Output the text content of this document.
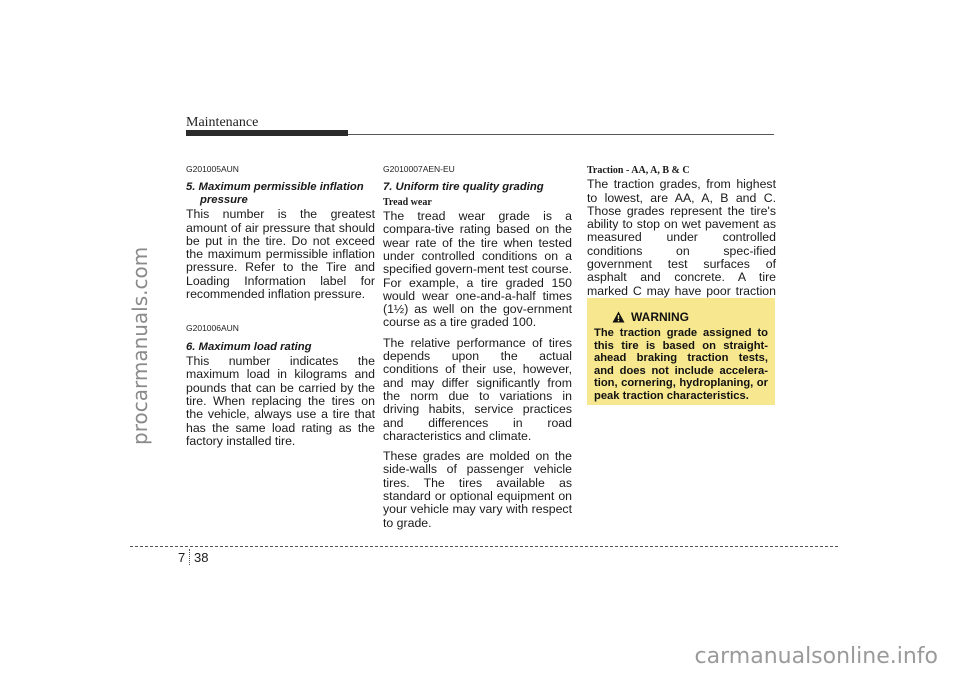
procarmanuals.com
carmanualsonline.info
Maintenance
G201005AUN
5. Maximum permissible inflation
pressure

This number is the greatest amount of air pressure that should be put in the tire. Do not exceed the maximum permissible inflation pressure. Refer to the Tire and Loading Information label for recommended inflation pressure.

G201006AUN
6. Maximum load rating

This number indicates the maximum load in kilograms and pounds that can be carried by the tire. When replacing the tires on the vehicle, always use a tire that has the same load rating as the factory installed tire.

G2010007AEN-EU
7. Uniform tire quality grading
Tread wear

The tread wear grade is a compara-tive rating based on the wear rate of the tire when tested under controlled conditions on a specified govern-ment test course. For example, a tire graded 150 would wear one-and-a-half times (1½) as well on the gov-ernment course as a tire graded 100.

The relative performance of tires depends upon the actual conditions of their use, however, and may differ significantly from the norm due to variations in driving habits, service practices and differences in road characteristics and climate.

These grades are molded on the side-walls of passenger vehicle tires. The tires available as standard or optional equipment on your vehicle may vary with respect to grade.

Traction - AA, A, B & C

The traction grades, from highest to lowest, are AA, A, B and C. Those grades represent the tire's ability to stop on wet pavement as measured under controlled conditions on spec-ified government test surfaces of asphalt and concrete. A tire marked C may have poor traction

WARNING
The traction grade assigned to this tire is based on straight-ahead braking traction tests, and does not include accelera-tion, cornering, hydroplaning, or peak traction characteristics.
7 38
